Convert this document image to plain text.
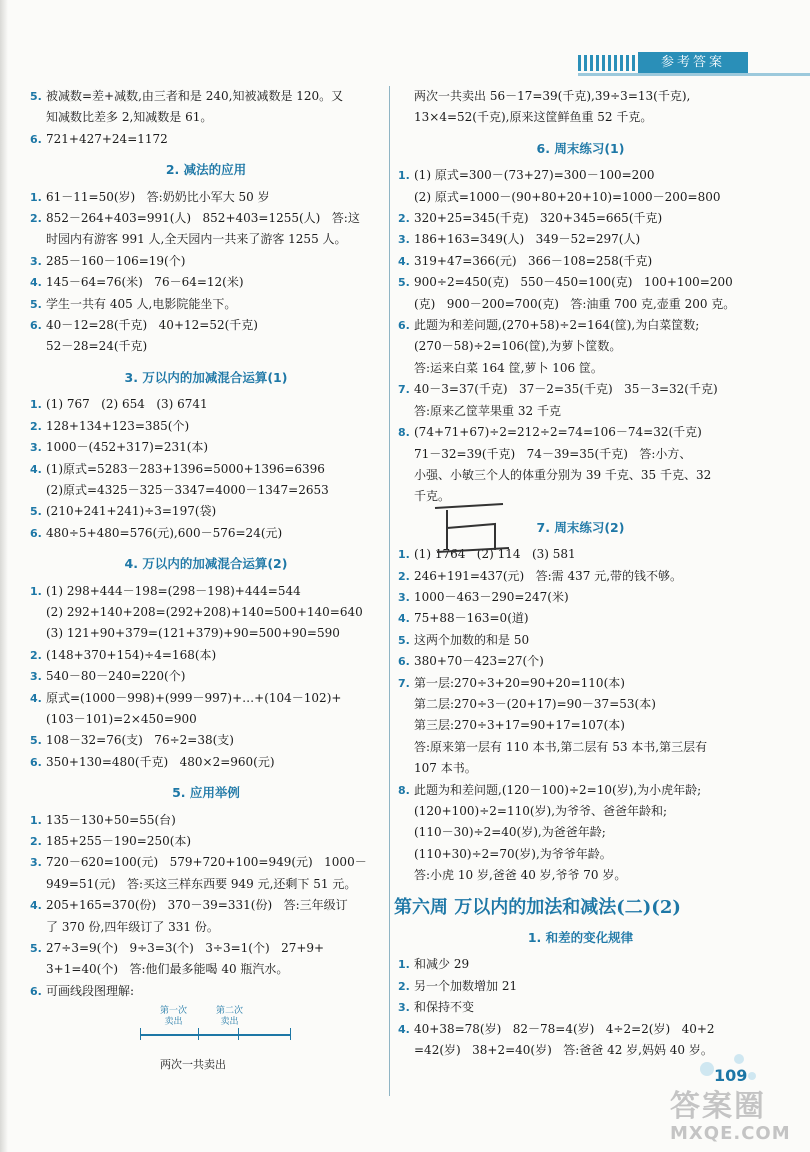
参考答案
5. 被减数=差+减数,由三者和是 240,知被减数是 120。又
知减数比差多 2,知减数是 61。
6. 721+427+24=1172
2. 减法的应用
1. 61－11=50(岁)   答:奶奶比小军大 50 岁
2. 852－264+403=991(人)   852+403=1255(人)   答:这
时园内有游客 991 人,全天园内一共来了游客 1255 人。
3. 285－160－106=19(个)
4. 145－64=76(米)   76－64=12(米)
5. 学生一共有 405 人,电影院能坐下。
6. 40－12=28(千克)   40+12=52(千克)
52－28=24(千克)
3. 万以内的加减混合运算(1)
1. (1) 767   (2) 654   (3) 6741
2. 128+134+123=385(个)
3. 1000－(452+317)=231(本)
4. (1)原式=5283－283+1396=5000+1396=6396
(2)原式=4325－325－3347=4000－1347=2653
5. (210+241+241)÷3=197(袋)
6. 480÷5+480=576(元),600－576=24(元)
4. 万以内的加减混合运算(2)
1. (1) 298+444－198=(298－198)+444=544
(2) 292+140+208=(292+208)+140=500+140=640
(3) 121+90+379=(121+379)+90=500+90=590
2. (148+370+154)÷4=168(本)
3. 540－80－240=220(个)
4. 原式=(1000－998)+(999－997)+…+(104－102)+
(103－101)=2×450=900
5. 108－32=76(支)   76÷2=38(支)
6. 350+130=480(千克)   480×2=960(元)
5. 应用举例
1. 135－130+50=55(台)
2. 185+255－190=250(本)
3. 720－620=100(元)   579+720+100=949(元)   1000－
949=51(元)   答:买这三样东西要 949 元,还剩下 51 元。
4. 205+165=370(份)   370－39=331(份)   答:三年级订
了 370 份,四年级订了 331 份。
5. 27÷3=9(个)   9÷3=3(个)   3÷3=1(个)   27+9+
3+1=40(个)   答:他们最多能喝 40 瓶汽水。
6. 可画线段图理解:
第一次
卖出
第二次
卖出
两次一共卖出
两次一共卖出 56－17=39(千克),39÷3=13(千克),
13×4=52(千克),原来这筐鲜鱼重 52 千克。
6. 周末练习(1)
1. (1) 原式=300－(73+27)=300－100=200
(2) 原式=1000－(90+80+20+10)=1000－200=800
2. 320+25=345(千克)   320+345=665(千克)
3. 186+163=349(人)   349－52=297(人)
4. 319+47=366(元)   366－108=258(千克)
5. 900÷2=450(克)   550－450=100(克)   100+100=200
(克)   900－200=700(克)   答:油重 700 克,壶重 200 克。
6. 此题为和差问题,(270+58)÷2=164(筐),为白菜筐数;
(270－58)÷2=106(筐),为萝卜筐数。
答:运来白菜 164 筐,萝卜 106 筐。
7. 40－3=37(千克)   37－2=35(千克)   35－3=32(千克)
答:原来乙筐苹果重 32 千克
8. (74+71+67)÷2=212÷2=74=106－74=32(千克)
71－32=39(千克)   74－39=35(千克)   答:小方、
小强、小敏三个人的体重分别为 39 千克、35 千克、32
千克。
7. 周末练习(2)
1. (1) 1764   (2) 114   (3) 581
2. 246+191=437(元)   答:需 437 元,带的钱不够。
3. 1000－463－290=247(米)
4. 75+88－163=0(道)
5. 这两个加数的和是 50
6. 380+70－423=27(个)
7. 第一层:270÷3+20=90+20=110(本)
第二层:270÷3－(20+17)=90－37=53(本)
第三层:270÷3+17=90+17=107(本)
答:原来第一层有 110 本书,第二层有 53 本书,第三层有
107 本书。
8. 此题为和差问题,(120－100)÷2=10(岁),为小虎年龄;
(120+100)÷2=110(岁),为爷爷、爸爸年龄和;
(110－30)÷2=40(岁),为爸爸年龄;
(110+30)÷2=70(岁),为爷爷年龄。
答:小虎 10 岁,爸爸 40 岁,爷爷 70 岁。
第六周 万以内的加法和减法(二)(2)
1. 和差的变化规律
1. 和减少 29
2. 另一个加数增加 21
3. 和保持不变
4. 40+38=78(岁)   82－78=4(岁)   4÷2=2(岁)   40+2
=42(岁)   38+2=40(岁)   答:爸爸 42 岁,妈妈 40 岁。
109
答案圈
MXQE.COM
